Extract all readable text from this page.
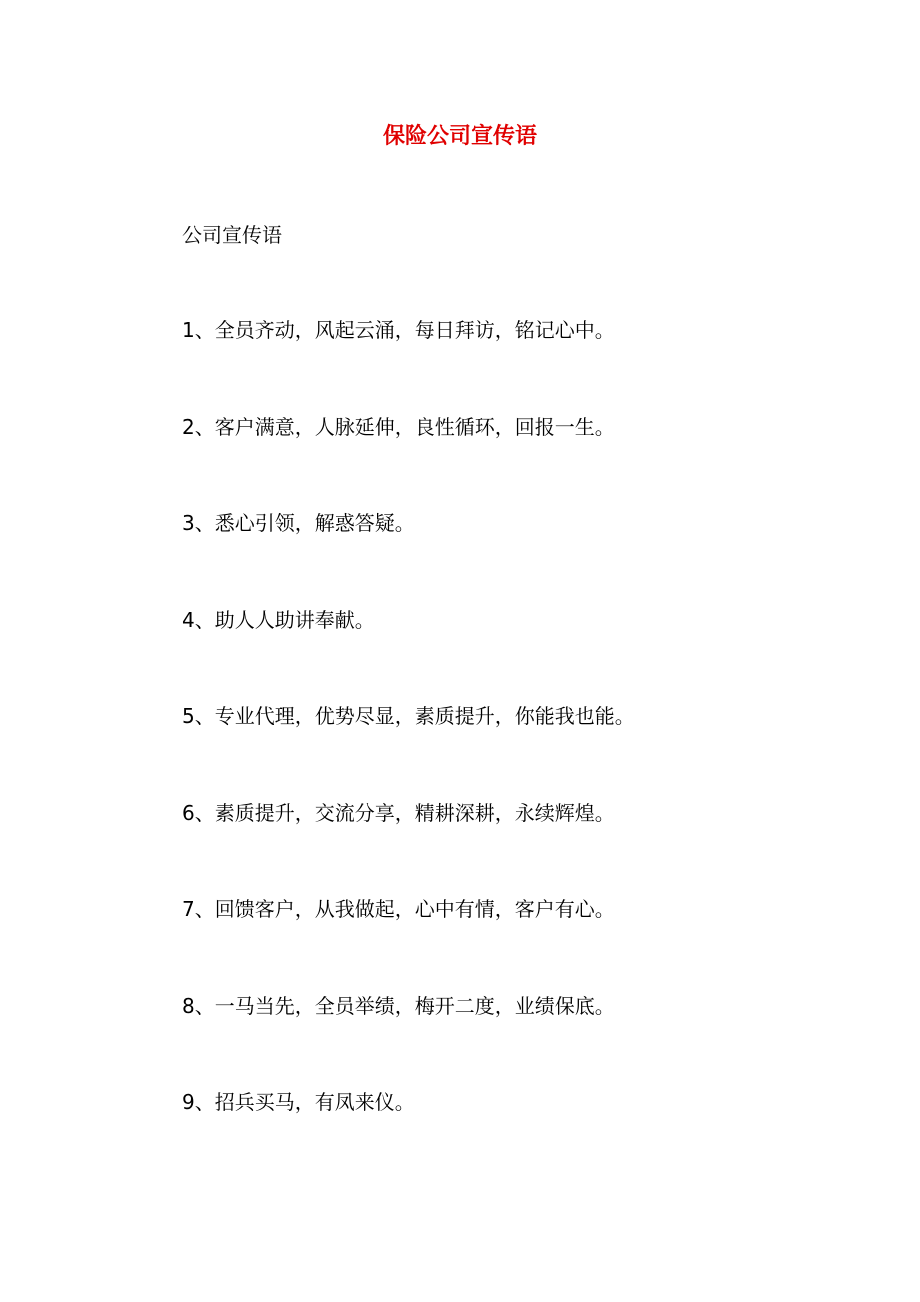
保险公司宣传语
公司宣传语
1、全员齐动，风起云涌，每日拜访，铭记心中。
2、客户满意，人脉延伸，良性循环，回报一生。
3、悉心引领，解惑答疑。
4、助人人助讲奉献。
5、专业代理，优势尽显，素质提升，你能我也能。
6、素质提升，交流分享，精耕深耕，永续辉煌。
7、回馈客户，从我做起，心中有情，客户有心。
8、一马当先，全员举绩，梅开二度，业绩保底。
9、招兵买马，有凤来仪。
